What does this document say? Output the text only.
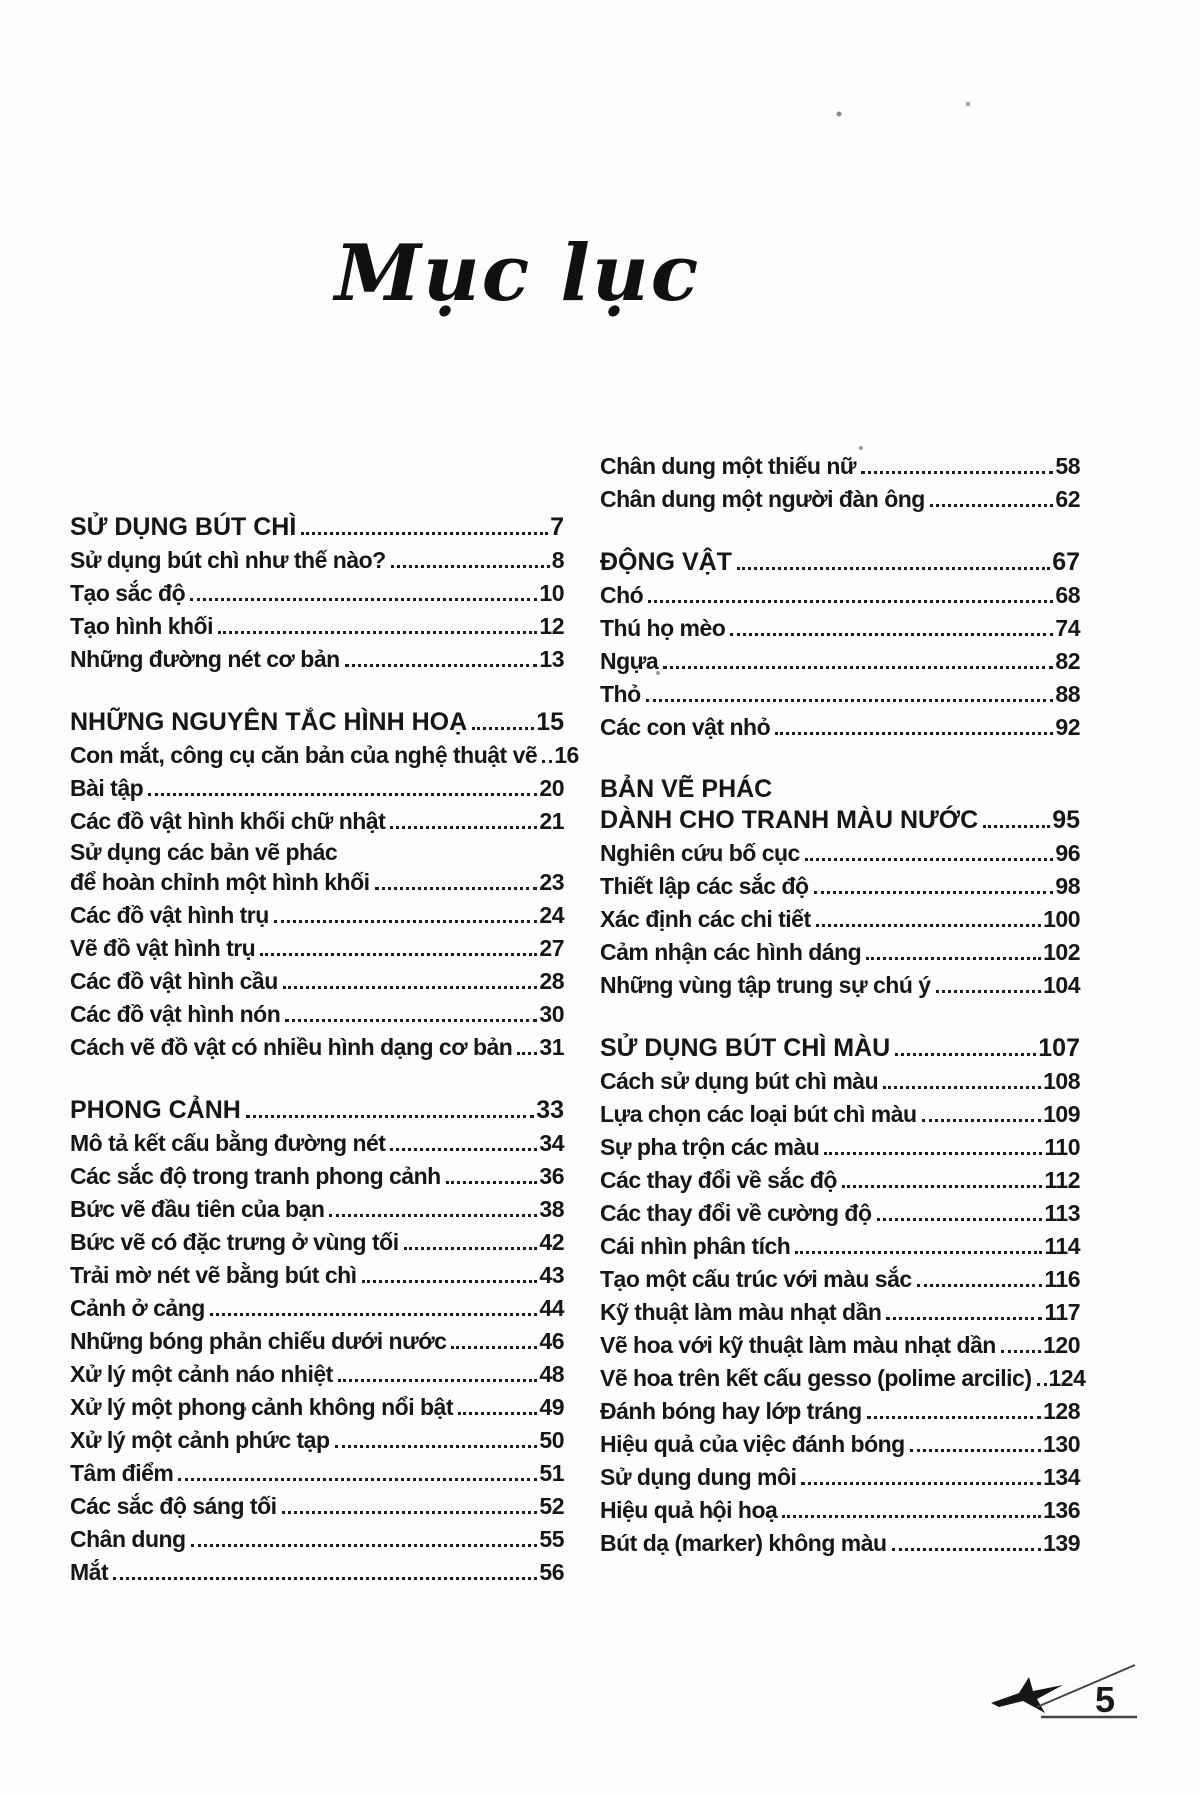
Mục lục
SỬ DỤNG BÚT CHÌ	7
Sử dụng bút chì như thế nào?	8
Tạo sắc độ	10
Tạo hình khối	12
Những đường nét cơ bản	13
NHỮNG NGUYÊN TẮC HÌNH HOẠ	15
Con mắt, công cụ căn bản của nghệ thuật vẽ 16
Bài tập	20
Các đồ vật hình khối chữ nhật	21
Sử dụng các bản vẽ phác
để hoàn chỉnh một hình khối	23
Các đồ vật hình trụ	24
Vẽ đồ vật hình trụ	27
Các đồ vật hình cầu	28
Các đồ vật hình nón	30
Cách vẽ đồ vật có nhiều hình dạng cơ bản 31
PHONG CẢNH	33
Mô tả kết cấu bằng đường nét	34
Các sắc độ trong tranh phong cảnh	36
Bức vẽ đầu tiên của bạn	38
Bức vẽ có đặc trưng ở vùng tối	42
Trải mờ nét vẽ bằng bút chì	43
Cảnh ở cảng	44
Những bóng phản chiếu dưới nước	46
Xử lý một cảnh náo nhiệt	48
Xử lý một phong cảnh không nổi bật	49
Xử lý một cảnh phức tạp	50
Tâm điểm	51
Các sắc độ sáng tối	52
Chân dung	55
Mắt	56
Chân dung một thiếu nữ	58
Chân dung một người đàn ông	62
ĐỘNG VẬT	67
Chó	68
Thú họ mèo	74
Ngựa	82
Thỏ	88
Các con vật nhỏ	92
BẢN VẼ PHÁC
DÀNH CHO TRANH MÀU NƯỚC	95
Nghiên cứu bố cục	96
Thiết lập các sắc độ	98
Xác định các chi tiết	100
Cảm nhận các hình dáng	102
Những vùng tập trung sự chú ý	104
SỬ DỤNG BÚT CHÌ MÀU	107
Cách sử dụng bút chì màu	108
Lựa chọn các loại bút chì màu	109
Sự pha trộn các màu	110
Các thay đổi về sắc độ	112
Các thay đổi về cường độ	113
Cái nhìn phân tích	114
Tạo một cấu trúc với màu sắc	116
Kỹ thuật làm màu nhạt dần	117
Vẽ hoa với kỹ thuật làm màu nhạt dần 120
Vẽ hoa trên kết cấu gesso (polime arcilic) 124
Đánh bóng hay lớp tráng	128
Hiệu quả của việc đánh bóng	130
Sử dụng dung môi	134
Hiệu quả hội hoạ	136
Bút dạ (marker) không màu	139
5
